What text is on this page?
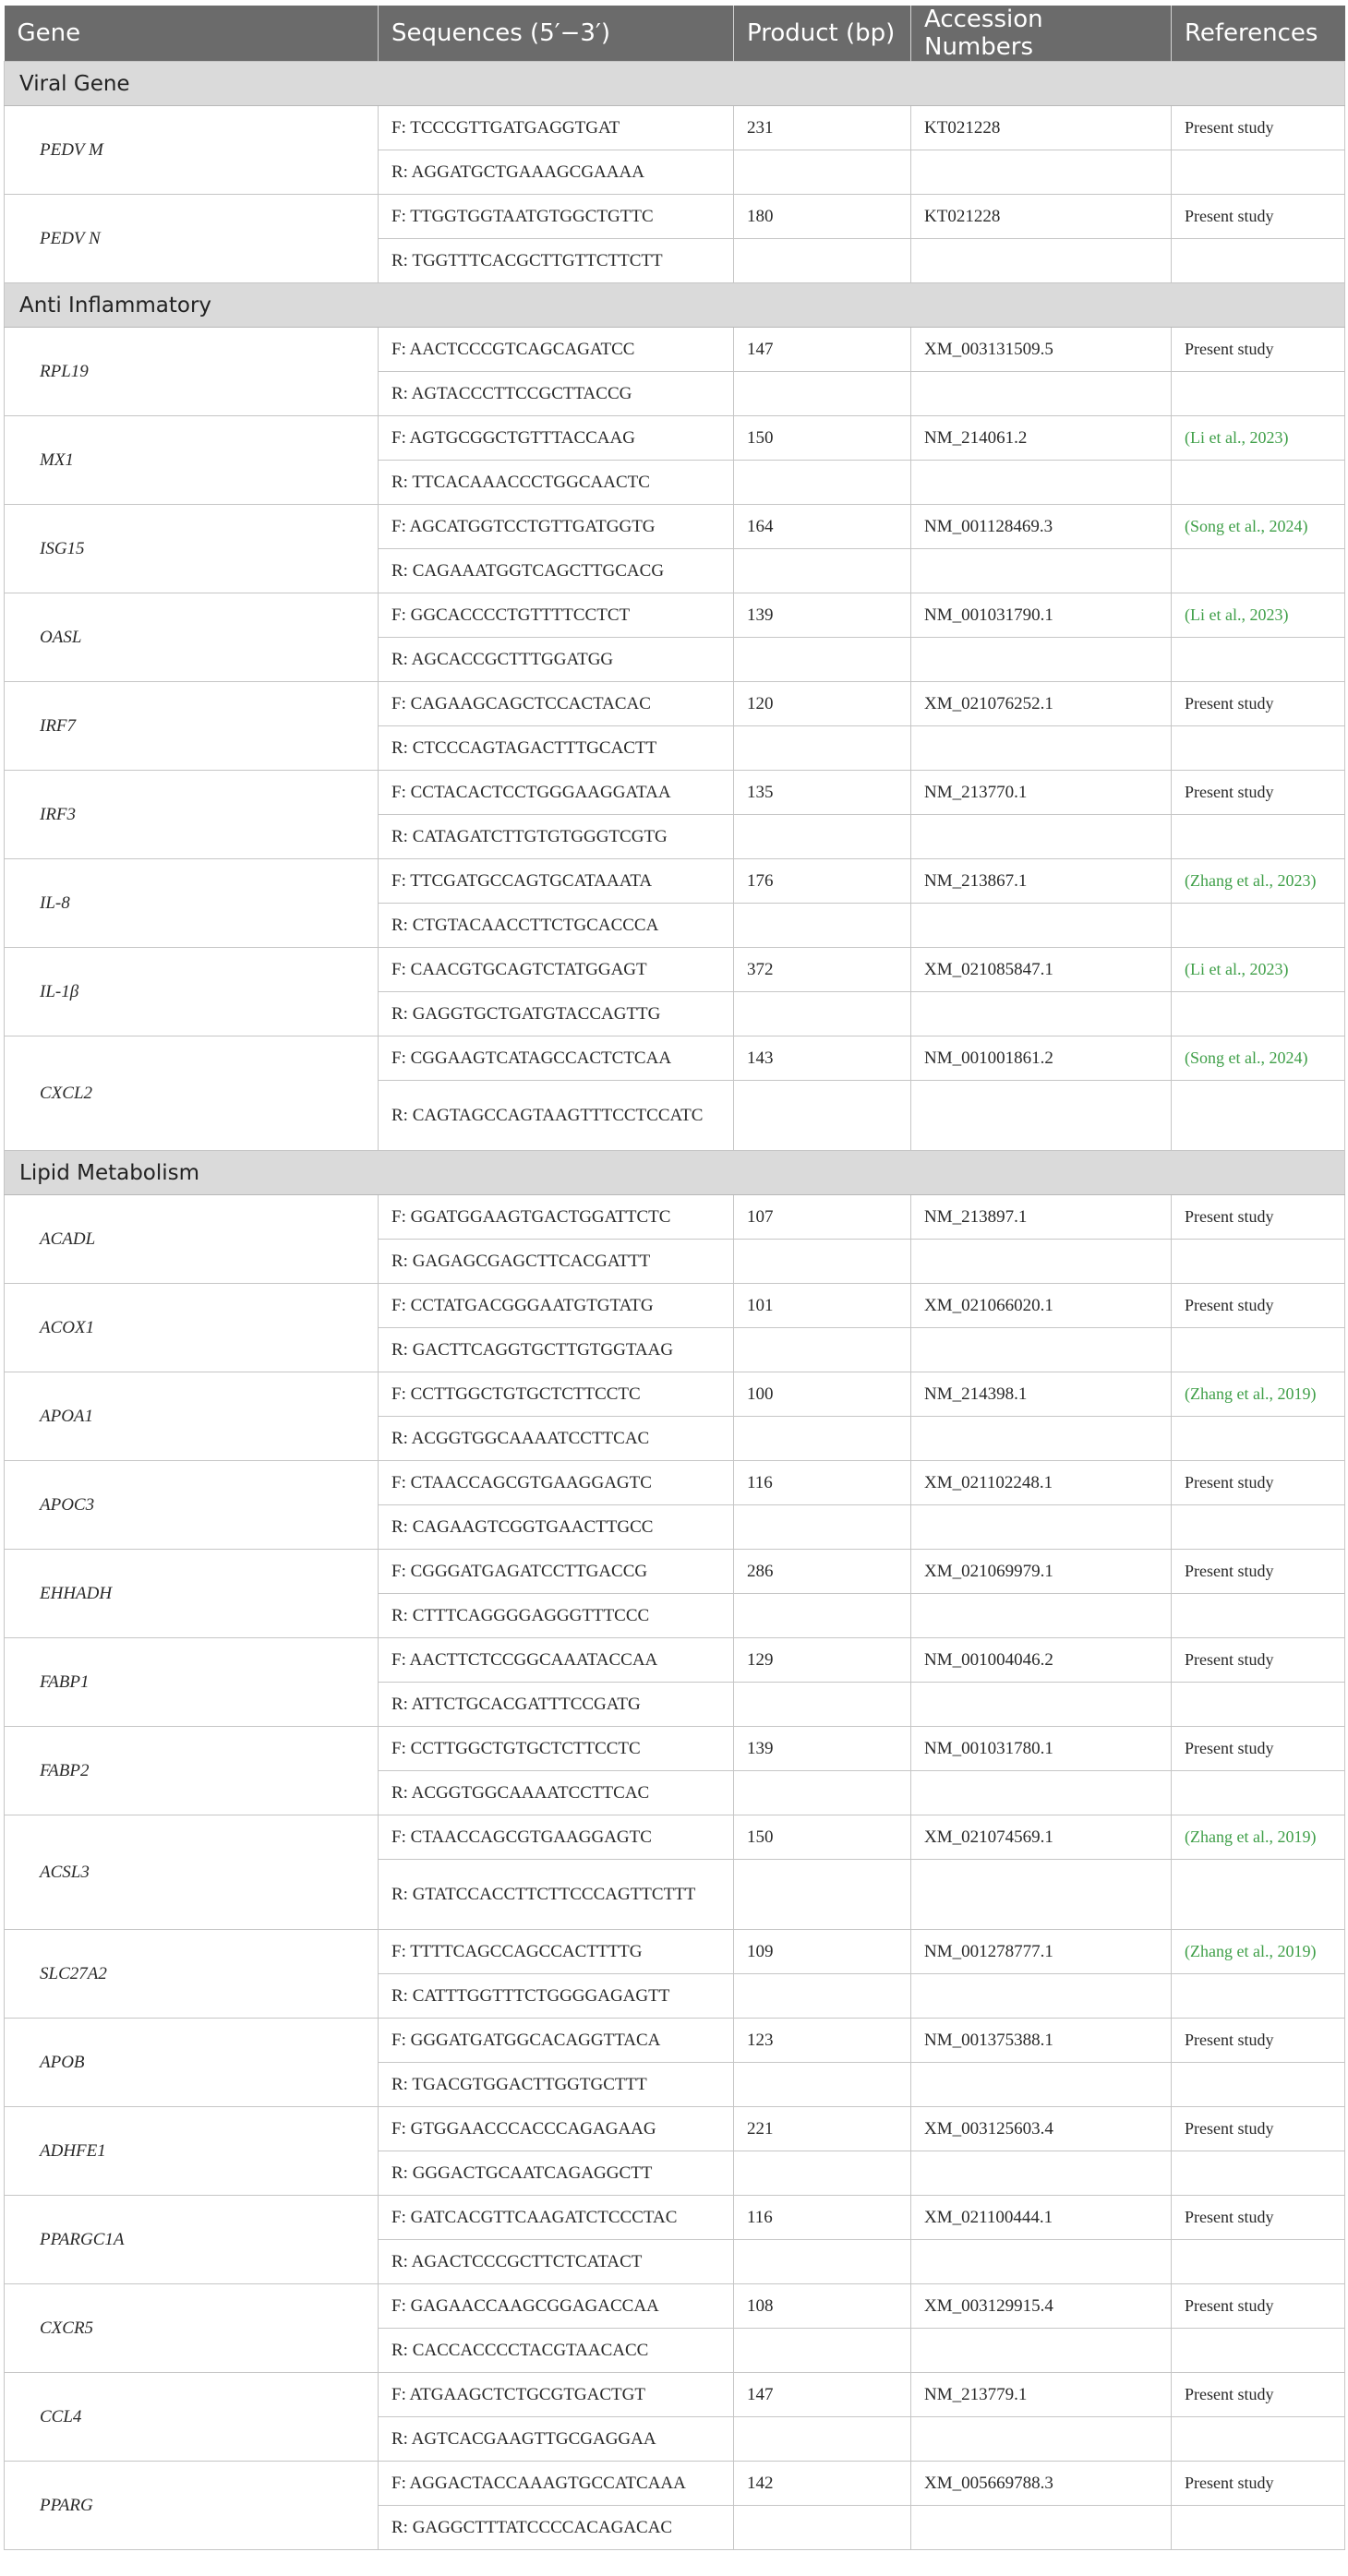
Gene	Sequences (5′−3′)	Product (bp)	Accession Numbers	References
Viral Gene				
PEDV M	F: TCCCGTTGATGAGGTGAT	231	KT021228	Present study
	R: AGGATGCTGAAAGCGAAAA			
PEDV N	F: TTGGTGGTAATGTGGCTGTTC	180	KT021228	Present study
	R: TGGTTTCACGCTTGTTCTTCTT			
Anti Inflammatory				
RPL19	F: AACTCCCGTCAGCAGATCC	147	XM_003131509.5	Present study
	R: AGTACCCTTCCGCTTACCG			
MX1	F: AGTGCGGCTGTTTACCAAG	150	NM_214061.2	(Li et al., 2023)
	R: TTCACAAACCCTGGCAACTC			
ISG15	F: AGCATGGTCCTGTTGATGGTG	164	NM_001128469.3	(Song et al., 2024)
	R: CAGAAATGGTCAGCTTGCACG			
OASL	F: GGCACCCCTGTTTTCCTCT	139	NM_001031790.1	(Li et al., 2023)
	R: AGCACCGCTTTGGATGG			
IRF7	F: CAGAAGCAGCTCCACTACAC	120	XM_021076252.1	Present study
	R: CTCCCAGTAGACTTTGCACTT			
IRF3	F: CCTACACTCCTGGGAAGGATAA	135	NM_213770.1	Present study
	R: CATAGATCTTGTGTGGGTCGTG			
IL-8	F: TTCGATGCCAGTGCATAAATA	176	NM_213867.1	(Zhang et al., 2023)
	R: CTGTACAACCTTCTGCACCCA			
IL-1β	F: CAACGTGCAGTCTATGGAGT	372	XM_021085847.1	(Li et al., 2023)
	R: GAGGTGCTGATGTACCAGTTG			
CXCL2	F: CGGAAGTCATAGCCACTCTCAA	143	NM_001001861.2	(Song et al., 2024)
	R: CAGTAGCCAGTAAGTTTCCTCCATC			
Lipid Metabolism				
ACADL	F: GGATGGAAGTGACTGGATTCTC	107	NM_213897.1	Present study
	R: GAGAGCGAGCTTCACGATTT			
ACOX1	F: CCTATGACGGGAATGTGTATG	101	XM_021066020.1	Present study
	R: GACTTCAGGTGCTTGTGGTAAG			
APOA1	F: CCTTGGCTGTGCTCTTCCTC	100	NM_214398.1	(Zhang et al., 2019)
	R: ACGGTGGCAAAATCCTTCAC			
APOC3	F: CTAACCAGCGTGAAGGAGTC	116	XM_021102248.1	Present study
	R: CAGAAGTCGGTGAACTTGCC			
EHHADH	F: CGGGATGAGATCCTTGACCG	286	XM_021069979.1	Present study
	R: CTTTCAGGGGAGGGTTTCCC			
FABP1	F: AACTTCTCCGGCAAATACCAA	129	NM_001004046.2	Present study
	R: ATTCTGCACGATTTCCGATG			
FABP2	F: CCTTGGCTGTGCTCTTCCTC	139	NM_001031780.1	Present study
	R: ACGGTGGCAAAATCCTTCAC			
ACSL3	F: CTAACCAGCGTGAAGGAGTC	150	XM_021074569.1	(Zhang et al., 2019)
	R: GTATCCACCTTCTTCCCAGTTCTTT			
SLC27A2	F: TTTTCAGCCAGCCACTTTTG	109	NM_001278777.1	(Zhang et al., 2019)
	R: CATTTGGTTTCTGGGGAGAGTT			
APOB	F: GGGATGATGGCACAGGTTACA	123	NM_001375388.1	Present study
	R: TGACGTGGACTTGGTGCTTT			
ADHFE1	F: GTGGAACCCACCCAGAGAAG	221	XM_003125603.4	Present study
	R: GGGACTGCAATCAGAGGCTT			
PPARGC1A	F: GATCACGTTCAAGATCTCCCTAC	116	XM_021100444.1	Present study
	R: AGACTCCCGCTTCTCATACT			
CXCR5	F: GAGAACCAAGCGGAGACCAA	108	XM_003129915.4	Present study
	R: CACCACCCCTACGTAACACC			
CCL4	F: ATGAAGCTCTGCGTGACTGT	147	NM_213779.1	Present study
	R: AGTCACGAAGTTGCGAGGAA			
PPARG	F: AGGACTACCAAAGTGCCATCAAA	142	XM_005669788.3	Present study
	R: GAGGCTTTATCCCCACAGACAC			
